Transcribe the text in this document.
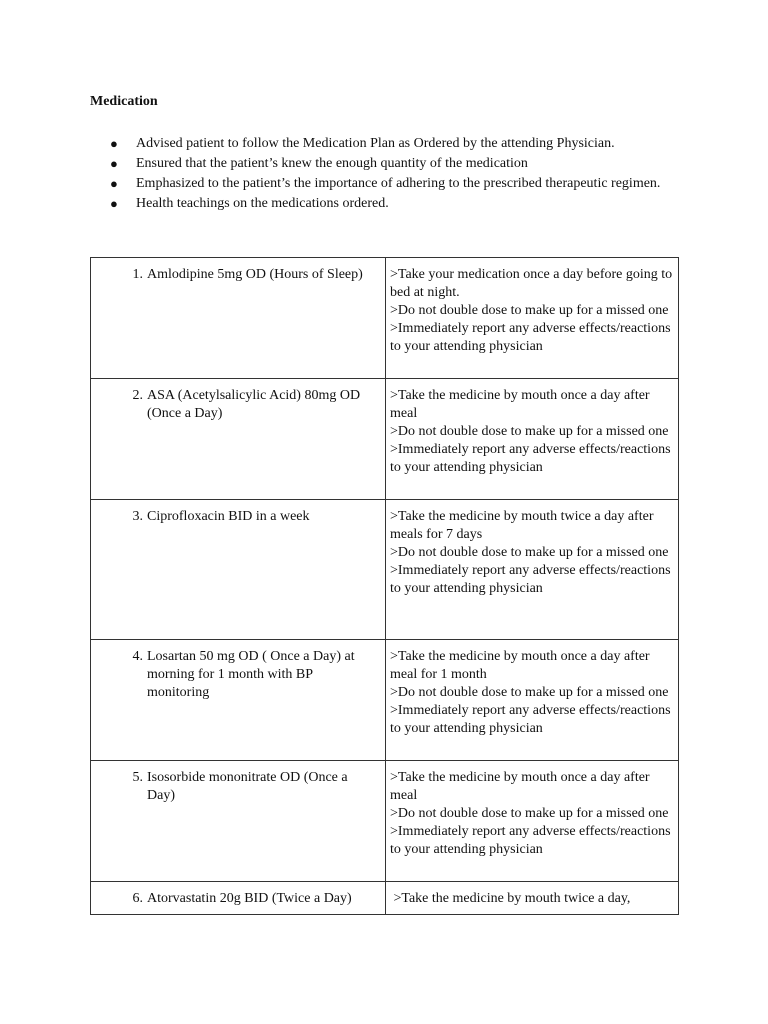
Medication
● Advised patient to follow the Medication Plan as Ordered by the attending Physician.
● Ensured that the patient’s knew the enough quantity of the medication
● Emphasized to the patient’s the importance of adhering to the prescribed therapeutic regimen.
● Health teachings on the medications ordered.
1. Amlodipine 5mg OD (Hours of Sleep)	>Take your medication once a day before going to bed at night.
>Do not double dose to make up for a missed one
>Immediately report any adverse effects/reactions to your attending physician

2. ASA (Acetylsalicylic Acid) 80mg OD (Once a Day)	>Take the medicine by mouth once a day after meal
>Do not double dose to make up for a missed one
>Immediately report any adverse effects/reactions to your attending physician

3. Ciprofloxacin BID in a week	>Take the medicine by mouth twice a day after meals for 7 days
>Do not double dose to make up for a missed one
>Immediately report any adverse effects/reactions to your attending physician

4. Losartan 50 mg OD ( Once a Day) at morning for 1 month with BP monitoring	>Take the medicine by mouth once a day after meal for 1 month
>Do not double dose to make up for a missed one
>Immediately report any adverse effects/reactions to your attending physician

5. Isosorbide mononitrate OD (Once a Day)	>Take the medicine by mouth once a day after meal
>Do not double dose to make up for a missed one
>Immediately report any adverse effects/reactions to your attending physician

6. Atorvastatin 20g BID (Twice a Day)	>Take the medicine by mouth twice a day,
